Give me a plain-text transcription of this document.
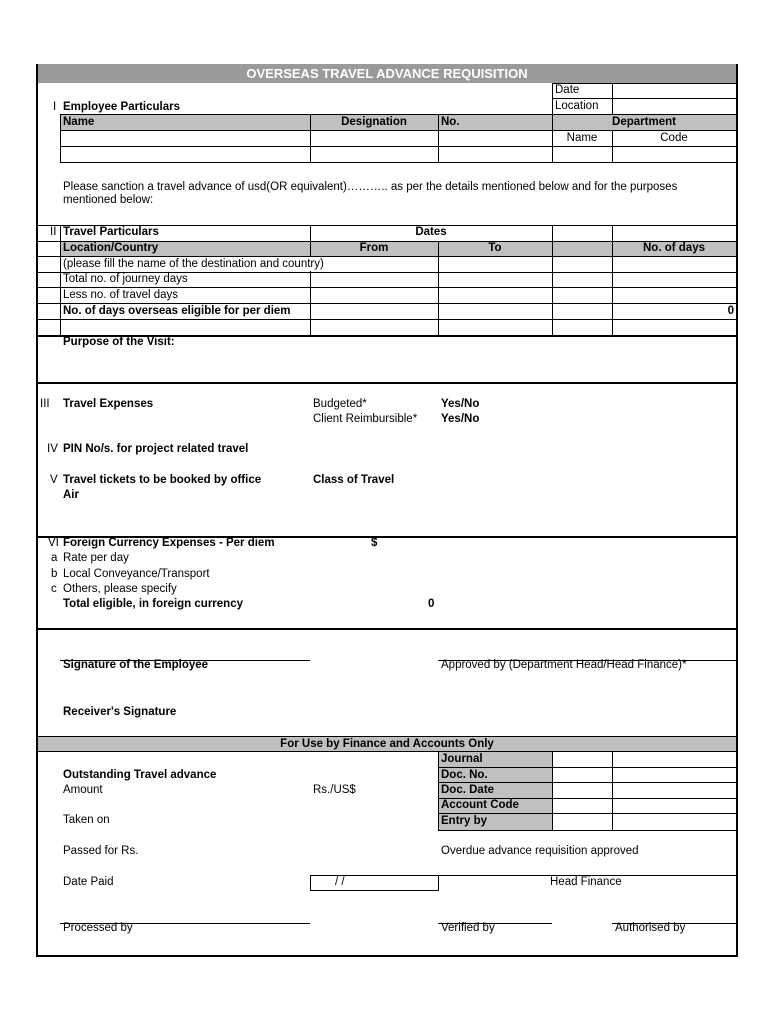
OVERSEAS TRAVEL ADVANCE REQUISITION
Date
Location
I Employee Particulars
Name	Designation	No.	Department
Name	Code
Please sanction a travel advance of usd(OR equivalent)……….. as per the details mentioned below and for the purposes
mentioned below:
II Travel Particulars	Dates
Location/Country	From	To	No. of days
(please fill the name of the destination and country)
Total no. of journey days
Less no. of travel days
No. of days overseas eligible for per diem	0
Purpose of the Visit:
III Travel Expenses	Budgeted*	Yes/No
Client Reimbursible* Yes/No
IV PIN No/s. for project related travel
V Travel tickets to be booked by office
Air
Class of Travel
VI Foreign Currency Expenses - Per diem	$
a Rate per day
b Local Conveyance/Transport
c Others, please specify
Total eligible, in foreign currency	0
Signature of the Employee	Approved by (Department Head/Head Finance)*
Receiver's Signature
For Use by Finance and Accounts Only
Journal
Doc. No.
Doc. Date
Account Code
Entry by
Outstanding Travel advance
Amount	Rs./US$
Taken on
Passed for Rs.	Overdue advance requisition approved
Date Paid	/ /	Head Finance
Processed by	Verified by	Authorised by
